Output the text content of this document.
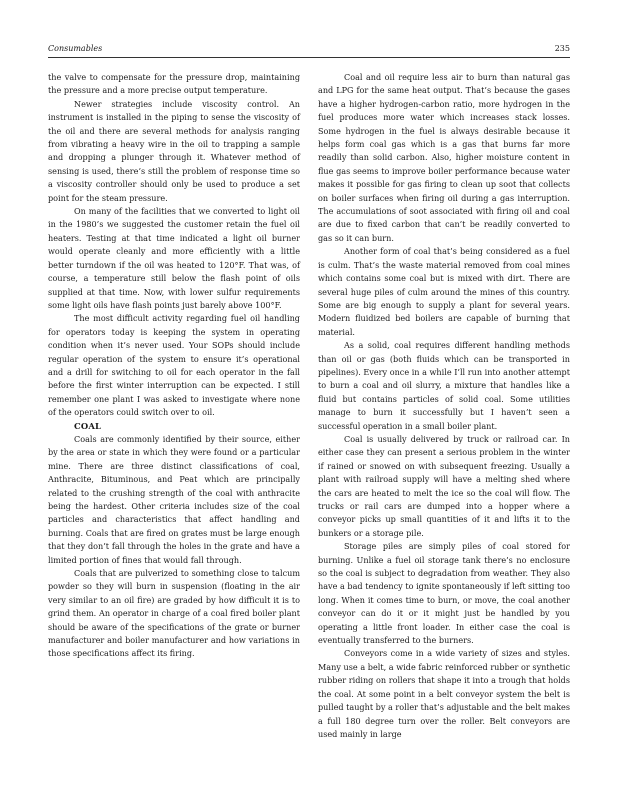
Consumables	235

the valve to compensate for the pressure drop, maintaining the pressure and a more precise output temperature.

Newer strategies include viscosity control. An instrument is installed in the piping to sense the viscosity of the oil and there are several methods for analysis ranging from vibrating a heavy wire in the oil to trapping a sample and dropping a plunger through it. Whatever method of sensing is used, there’s still the problem of response time so a viscosity controller should only be used to produce a set point for the steam pressure.

On many of the facilities that we converted to light oil in the 1980’s we suggested the customer retain the fuel oil heaters. Testing at that time indicated a light oil burner would operate cleanly and more efficiently with a little better turndown if the oil was heated to 120°F. That was, of course, a temperature still below the flash point of oils supplied at that time. Now, with lower sulfur requirements some light oils have flash points just barely above 100°F.

The most difficult activity regarding fuel oil handling for operators today is keeping the system in operating condition when it’s never used. Your SOPs should include regular operation of the system to ensure it’s operational and a drill for switching to oil for each operator in the fall before the first winter interruption can be expected. I still remember one plant I was asked to investigate where none of the operators could switch over to oil.

COAL

Coals are commonly identified by their source, either by the area or state in which they were found or a particular mine. There are three distinct classifications of coal, Anthracite, Bituminous, and Peat which are principally related to the crushing strength of the coal with anthracite being the hardest. Other criteria includes size of the coal particles and characteristics that affect handling and burning. Coals that are fired on grates must be large enough that they don’t fall through the holes in the grate and have a limited portion of fines that would fall through.

Coals that are pulverized to something close to talcum powder so they will burn in suspension (floating in the air very similar to an oil fire) are graded by how difficult it is to grind them. An operator in charge of a coal fired boiler plant should be aware of the specifications of the grate or burner manufacturer and boiler manufacturer and how variations in those specifications affect its firing.

Coal and oil require less air to burn than natural gas and LPG for the same heat output. That’s because the gases have a higher hydrogen-carbon ratio, more hydrogen in the fuel produces more water which increases stack losses. Some hydrogen in the fuel is always desirable because it helps form coal gas which is a gas that burns far more readily than solid carbon. Also, higher moisture content in flue gas seems to improve boiler performance because water makes it possible for gas firing to clean up soot that collects on boiler surfaces when firing oil during a gas interruption. The accumulations of soot associated with firing oil and coal are due to fixed carbon that can’t be readily converted to gas so it can burn.

Another form of coal that’s being considered as a fuel is culm. That’s the waste material removed from coal mines which contains some coal but is mixed with dirt. There are several huge piles of culm around the mines of this country. Some are big enough to supply a plant for several years. Modern fluidized bed boilers are capable of burning that material.

As a solid, coal requires different handling methods than oil or gas (both fluids which can be transported in pipelines). Every once in a while I’ll run into another attempt to burn a coal and oil slurry, a mixture that handles like a fluid but contains particles of solid coal. Some utilities manage to burn it successfully but I haven’t seen a successful operation in a small boiler plant.

Coal is usually delivered by truck or railroad car. In either case they can present a serious problem in the winter if rained or snowed on with subsequent freezing. Usually a plant with railroad supply will have a melting shed where the cars are heated to melt the ice so the coal will flow. The trucks or rail cars are dumped into a hopper where a conveyor picks up small quantities of it and lifts it to the bunkers or a storage pile.

Storage piles are simply piles of coal stored for burning. Unlike a fuel oil storage tank there’s no enclosure so the coal is subject to degradation from weather. They also have a bad tendency to ignite spontaneously if left sitting too long. When it comes time to burn, or move, the coal another conveyor can do it or it might just be handled by you operating a little front loader. In either case the coal is eventually transferred to the burners.

Conveyors come in a wide variety of sizes and styles. Many use a belt, a wide fabric reinforced rubber or synthetic rubber riding on rollers that shape it into a trough that holds the coal. At some point in a belt conveyor system the belt is pulled taught by a roller that’s adjustable and the belt makes a full 180 degree turn over the roller. Belt conveyors are used mainly in large
